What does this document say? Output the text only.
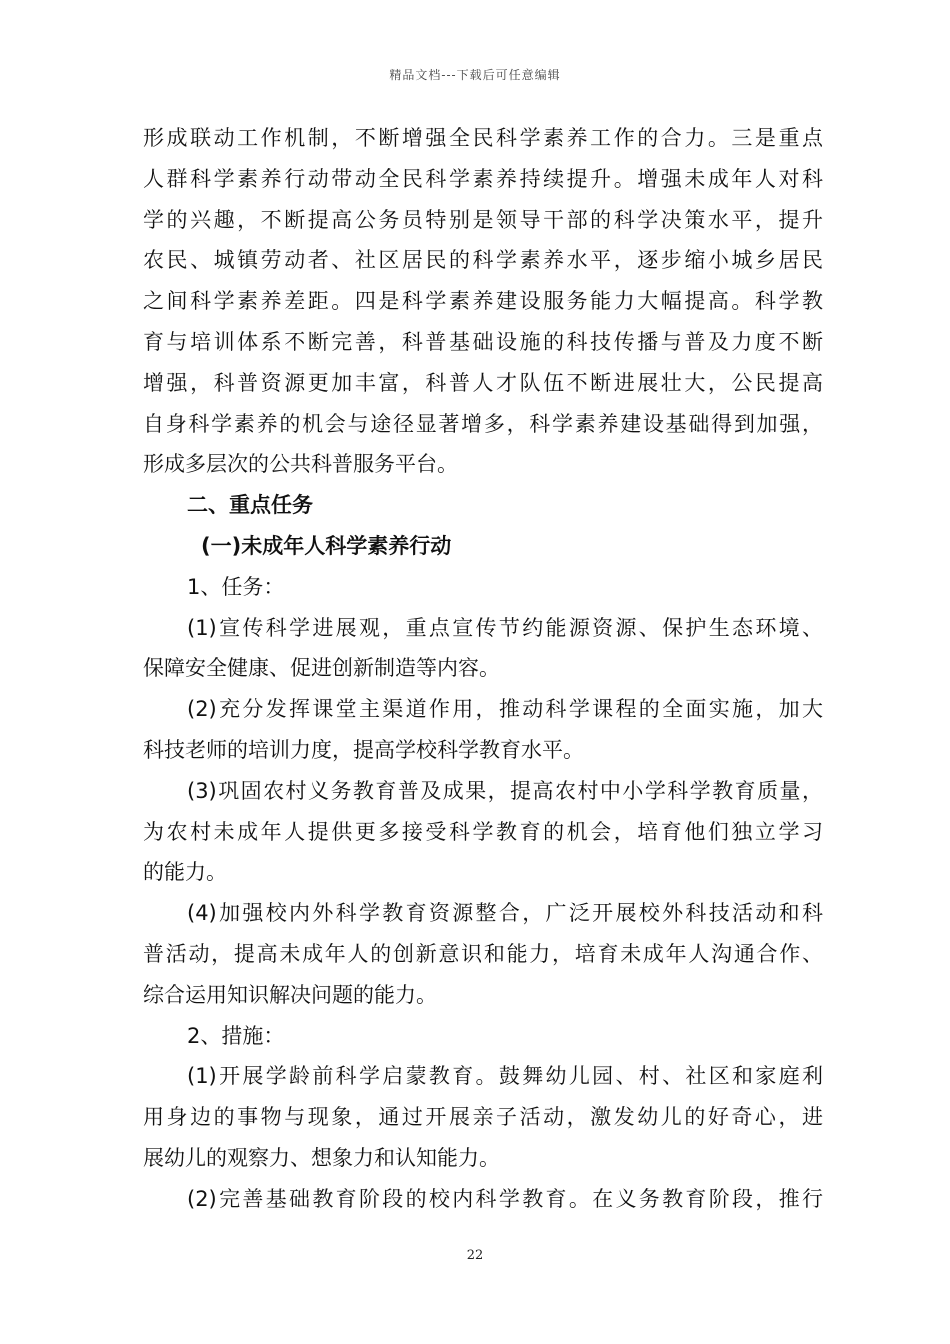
精品文档---下载后可任意编辑
形成联动工作机制，不断增强全民科学素养工作的合力。三是重点
人群科学素养行动带动全民科学素养持续提升。增强未成年人对科
学的兴趣，不断提高公务员特别是领导干部的科学决策水平，提升
农民、城镇劳动者、社区居民的科学素养水平，逐步缩小城乡居民
之间科学素养差距。四是科学素养建设服务能力大幅提高。科学教
育与培训体系不断完善，科普基础设施的科技传播与普及力度不断
增强，科普资源更加丰富，科普人才队伍不断进展壮大，公民提高
自身科学素养的机会与途径显著增多，科学素养建设基础得到加强，
形成多层次的公共科普服务平台。
二、重点任务
(一)未成年人科学素养行动
1、任务：
(1)宣传科学进展观，重点宣传节约能源资源、保护生态环境、
保障安全健康、促进创新制造等内容。
(2)充分发挥课堂主渠道作用，推动科学课程的全面实施，加大
科技老师的培训力度，提高学校科学教育水平。
(3)巩固农村义务教育普及成果，提高农村中小学科学教育质量，
为农村未成年人提供更多接受科学教育的机会，培育他们独立学习
的能力。
(4)加强校内外科学教育资源整合，广泛开展校外科技活动和科
普活动，提高未成年人的创新意识和能力，培育未成年人沟通合作、
综合运用知识解决问题的能力。
2、措施：
(1)开展学龄前科学启蒙教育。鼓舞幼儿园、村、社区和家庭利
用身边的事物与现象，通过开展亲子活动，激发幼儿的好奇心，进
展幼儿的观察力、想象力和认知能力。
(2)完善基础教育阶段的校内科学教育。在义务教育阶段，推行
22
